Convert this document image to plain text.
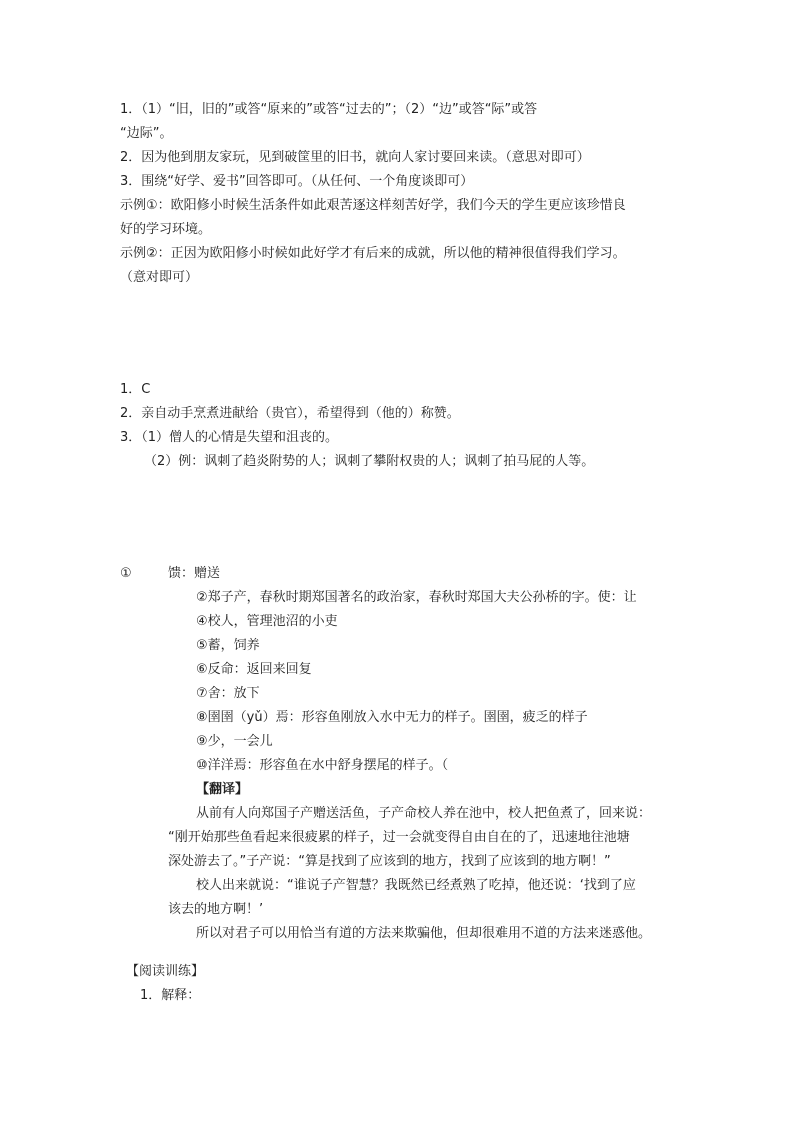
1．（1）“旧，旧的”或答“原来的”或答“过去的”；（2）“边”或答“际”或答
“边际”。
2．因为他到朋友家玩，见到破筐里的旧书，就向人家讨要回来读。（意思对即可）
3．围绕“好学、爱书”回答即可。（从任何、一个角度谈即可）
示例①：欧阳修小时候生活条件如此艰苦逐这样刻苦好学，我们今天的学生更应该珍惜良
好的学习环境。
示例②：正因为欧阳修小时候如此好学才有后来的成就，所以他的精神很值得我们学习。
（意对即可）
1．C
2．亲自动手烹煮进献给（贵官），希望得到（他的）称赞。
3．（1）僧人的心情是失望和沮丧的。
（2）例：讽刺了趋炎附势的人；讽刺了攀附权贵的人；讽刺了拍马屁的人等。
①	馈：赠送
②郑子产，春秋时期郑国著名的政治家，春秋时郑国大夫公孙桥的字。使：让
④校人，管理池沼的小吏
⑤蓄，饲养
⑥反命：返回来回复
⑦舍：放下
⑧圉圉（yǔ）焉：形容鱼刚放入水中无力的样子。圉圉，疲乏的样子
⑨少，一会儿
⑩洋洋焉：形容鱼在水中舒身摆尾的样子。（
【翻译】
从前有人向郑国子产赠送活鱼，子产命校人养在池中，校人把鱼煮了，回来说：
“刚开始那些鱼看起来很疲累的样子，过一会就变得自由自在的了，迅速地往池塘
深处游去了。”子产说：“算是找到了应该到的地方，找到了应该到的地方啊！”
校人出来就说：“谁说子产智慧？我既然已经煮熟了吃掉，他还说：‘找到了应
该去的地方啊！’
所以对君子可以用恰当有道的方法来欺骗他，但却很难用不道的方法来迷惑他。
【阅读训练】
1．解释：
